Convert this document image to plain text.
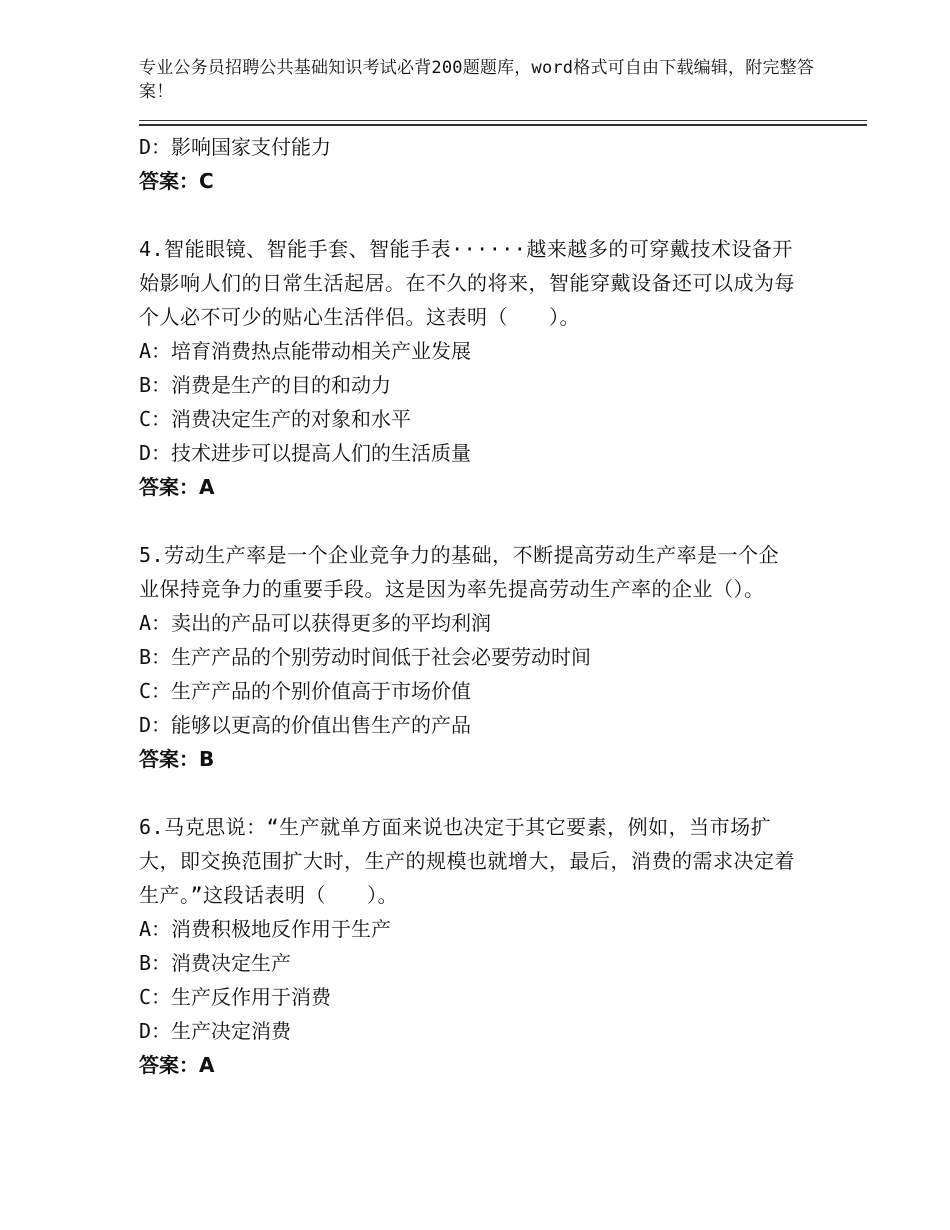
专业公务员招聘公共基础知识考试必背200题题库，word格式可自由下载编辑，附完整答案！
D：影响国家支付能力
答案：C
4.智能眼镜、智能手套、智能手表······越来越多的可穿戴技术设备开始影响人们的日常生活起居。在不久的将来，智能穿戴设备还可以成为每个人必不可少的贴心生活伴侣。这表明（　　）。
A：培育消费热点能带动相关产业发展
B：消费是生产的目的和动力
C：消费决定生产的对象和水平
D：技术进步可以提高人们的生活质量
答案：A
5.劳动生产率是一个企业竞争力的基础，不断提高劳动生产率是一个企业保持竞争力的重要手段。这是因为率先提高劳动生产率的企业（）。
A：卖出的产品可以获得更多的平均利润
B：生产产品的个别劳动时间低于社会必要劳动时间
C：生产产品的个别价值高于市场价值
D：能够以更高的价值出售生产的产品
答案：B
6.马克思说：“生产就单方面来说也决定于其它要素，例如，当市场扩大，即交换范围扩大时，生产的规模也就增大，最后，消费的需求决定着生产。”这段话表明（　　）。
A：消费积极地反作用于生产
B：消费决定生产
C：生产反作用于消费
D：生产决定消费
答案：A
